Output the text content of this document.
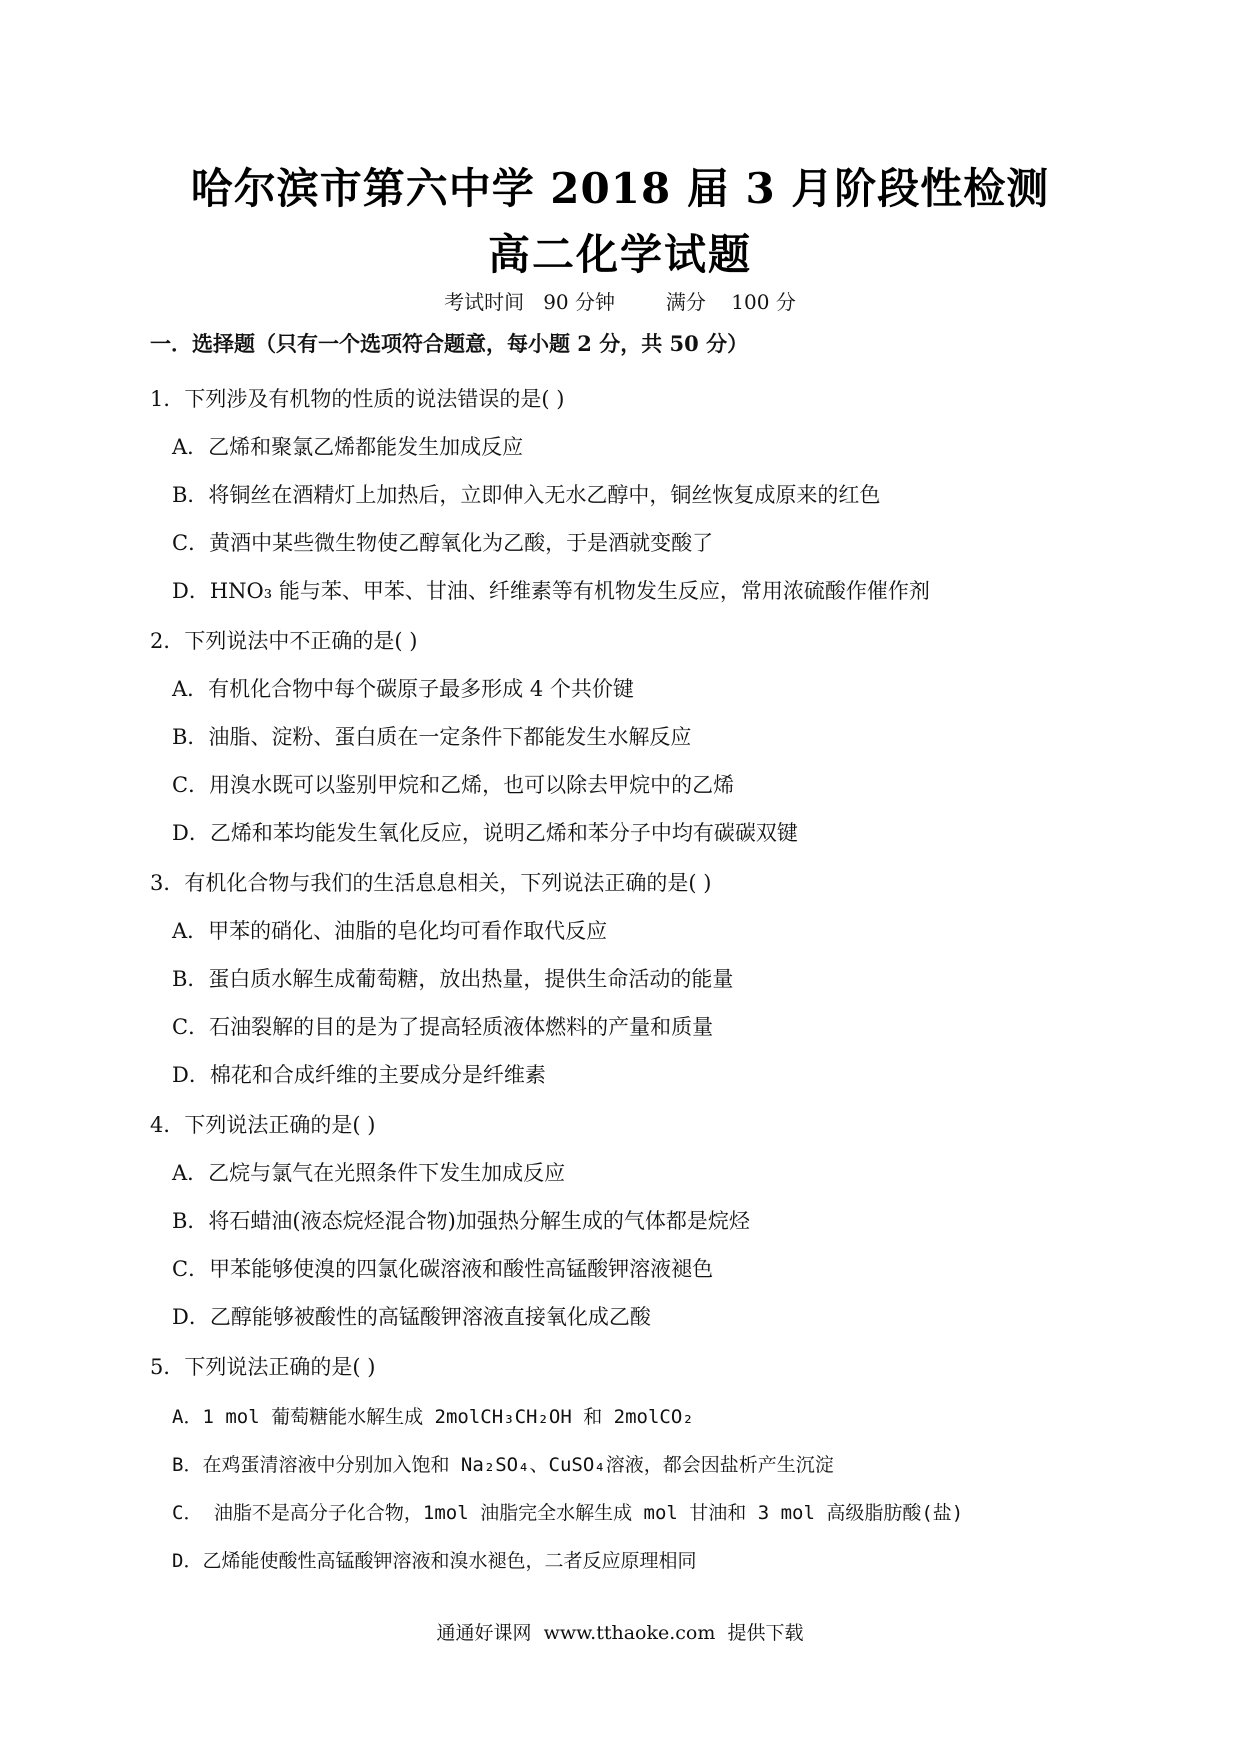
哈尔滨市第六中学 2018 届 3 月阶段性检测
高二化学试题
考试时间   90 分钟        满分    100 分
一．选择题（只有一个选项符合题意，每小题 2 分，共 50 分）
1．下列涉及有机物的性质的说法错误的是( )
A．乙烯和聚氯乙烯都能发生加成反应
B．将铜丝在酒精灯上加热后，立即伸入无水乙醇中，铜丝恢复成原来的红色
C．黄酒中某些微生物使乙醇氧化为乙酸，于是酒就变酸了
D．HNO₃ 能与苯、甲苯、甘油、纤维素等有机物发生反应，常用浓硫酸作催作剂
2．下列说法中不正确的是( )
A．有机化合物中每个碳原子最多形成 4 个共价键
B．油脂、淀粉、蛋白质在一定条件下都能发生水解反应
C．用溴水既可以鉴别甲烷和乙烯，也可以除去甲烷中的乙烯
D．乙烯和苯均能发生氧化反应，说明乙烯和苯分子中均有碳碳双键
3．有机化合物与我们的生活息息相关，下列说法正确的是( )
A．甲苯的硝化、油脂的皂化均可看作取代反应
B．蛋白质水解生成葡萄糖，放出热量，提供生命活动的能量
C．石油裂解的目的是为了提高轻质液体燃料的产量和质量
D．棉花和合成纤维的主要成分是纤维素
4．下列说法正确的是( )
A．乙烷与氯气在光照条件下发生加成反应
B．将石蜡油(液态烷烃混合物)加强热分解生成的气体都是烷烃
C．甲苯能够使溴的四氯化碳溶液和酸性高锰酸钾溶液褪色
D．乙醇能够被酸性的高锰酸钾溶液直接氧化成乙酸
5．下列说法正确的是( )
A．1 mol 葡萄糖能水解生成 2molCH₃CH₂OH 和 2molCO₂
B．在鸡蛋清溶液中分别加入饱和 Na₂SO₄、CuSO₄溶液，都会因盐析产生沉淀
C． 油脂不是高分子化合物，1mol 油脂完全水解生成 mol 甘油和 3 mol 高级脂肪酸(盐)
D．乙烯能使酸性高锰酸钾溶液和溴水褪色，二者反应原理相同
通通好课网  www.tthaoke.com  提供下载
